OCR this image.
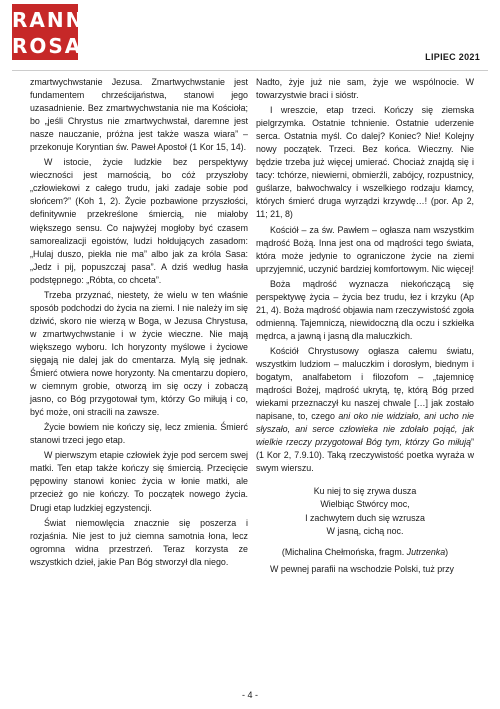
RANNA
ROSA	LIPIEC 2021

zmartwychwstanie Jezusa. Zmartwychwstanie jest fundamentem chrześcijaństwa, stanowi jego uzasadnienie. Bez zmartwychwstania nie ma Kościoła; bo „jeśli Chrystus nie zmartwychwstał, daremne jest nasze nauczanie, próżna jest także wasza wiara” – przekonuje Koryntian św. Paweł Apostoł (1 Kor 15, 14).

W istocie, życie ludzkie bez perspektywy wieczności jest marnością, bo cóż przyszłoby „człowiekowi z całego trudu, jaki zadaje sobie pod słońcem?” (Koh 1, 2). Życie pozbawione przyszłości, definitywnie przekreślone śmiercią, nie miałoby większego sensu. Co najwyżej mogłoby być czasem samorealizacji egoistów, ludzi hołdujących zasadom: „Hulaj duszo, piekła nie ma” albo jak za króla Sasa: „Jedz i pij, popuszczaj pasa”. A dziś według hasła podstępnego: „Róbta, co chceta”.

Trzeba przyznać, niestety, że wielu w ten właśnie sposób podchodzi do życia na ziemi. I nie należy im się dziwić, skoro nie wierzą w Boga, w Jezusa Chrystusa, w zmartwychwstanie i w życie wieczne. Nie mają większego wyboru. Ich horyzonty myślowe i życiowe sięgają nie dalej jak do cmentarza. Mylą się jednak. Śmierć otwiera nowe horyzonty. Na cmentarzu dopiero, w ciemnym grobie, otworzą im się oczy i zobaczą jasno, co Bóg przygotował tym, którzy Go miłują i co, być może, oni stracili na zawsze.

Życie bowiem nie kończy się, lecz zmienia. Śmierć stanowi trzeci jego etap.

W pierwszym etapie człowiek żyje pod sercem swej matki. Ten etap także kończy się śmiercią. Przecięcie pępowiny stanowi koniec życia w łonie matki, ale przecież go nie kończy. To początek nowego życia. Drugi etap ludzkiej egzystencji.

Świat niemowlęcia znacznie się poszerza i rozjaśnia. Nie jest to już ciemna samotnia łona, lecz ogromna widna przestrzeń. Teraz korzysta ze wszystkich dzieł, jakie Pan Bóg stworzył dla niego.

Nadto, żyje już nie sam, żyje we wspólnocie. W towarzystwie braci i sióstr.

I wreszcie, etap trzeci. Kończy się ziemska pielgrzymka. Ostatnie tchnienie. Ostatnie uderzenie serca. Ostatnia myśl. Co dalej? Koniec? Nie! Kolejny nowy początek. Trzeci. Bez końca. Wieczny. Nie będzie trzeba już więcej umierać. Chociaż znajdą się i tacy: tchórze, niewierni, obmierźli, zabójcy, rozpustnicy, guślarze, bałwochwalcy i wszelkiego rodzaju kłamcy, których śmierć druga wyrządzi krzywdę…! (por. Ap 2, 11; 21, 8)

Kościół – za św. Pawłem – ogłasza nam wszystkim mądrość Bożą. Inna jest ona od mądrości tego świata, która może jedynie to ograniczone życie na ziemi uprzyjemnić, uczynić bardziej komfortowym. Nic więcej!

Boża mądrość wyznacza niekończącą się perspektywę życia – życia bez trudu, łez i krzyku (Ap 21, 4). Boża mądrość objawia nam rzeczywistość zgoła odmienną. Tajemniczą, niewidoczną dla oczu i szkiełka mędrca, a jawną i jasną dla maluczkich.

Kościół Chrystusowy ogłasza całemu światu, wszystkim ludziom – maluczkim i dorosłym, biednym i bogatym, analfabetom i filozofom – „tajemnicę mądrości Bożej, mądrość ukrytą, tę, którą Bóg przed wiekami przeznaczył ku naszej chwale […] jak zostało napisane, to, czego ani oko nie widziało, ani ucho nie słyszało, ani serce człowieka nie zdołało pojąć, jak wielkie rzeczy przygotował Bóg tym, którzy Go miłują” (1 Kor 2, 7.9.10). Taką rzeczywistość poetka wyraża w swym wierszu.

Ku niej to się zrywa dusza
Wielbiąc Stwórcy moc,
I zachwytem duch się wzrusza
W jasną, cichą noc.
(Michalina Chełmońska, fragm. Jutrzenka)

W pewnej parafii na wschodzie Polski, tuż przy

- 4 -
